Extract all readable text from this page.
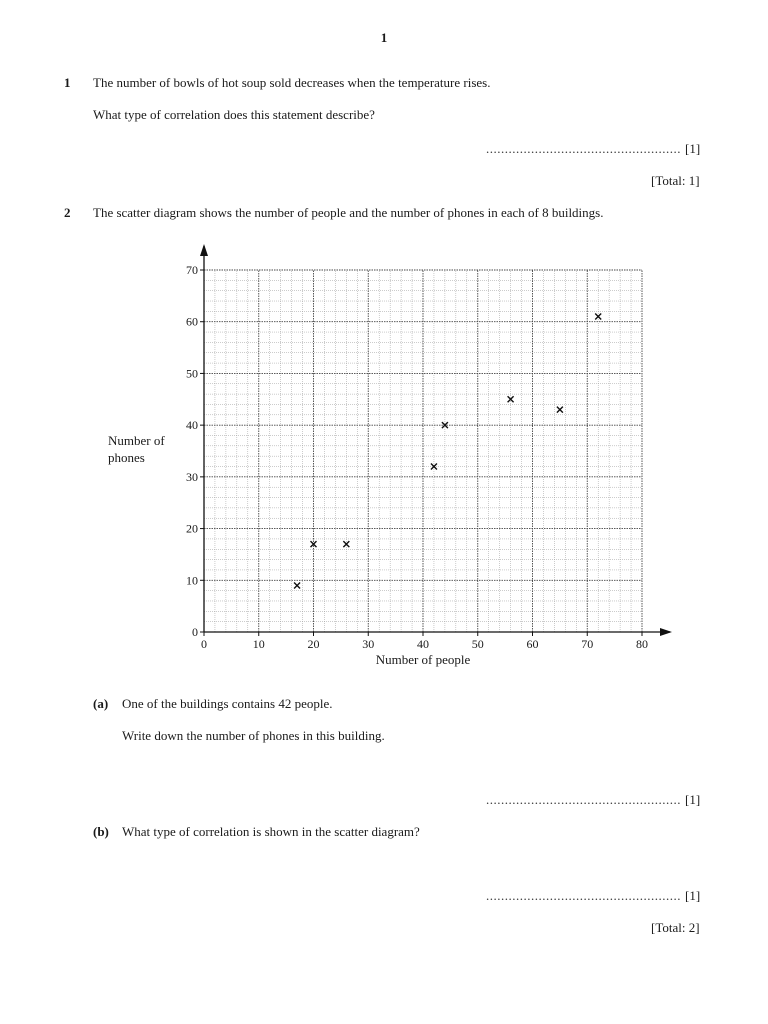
1
1 The number of bowls of hot soup sold decreases when the temperature rises.
What type of correlation does this statement describe?
.................................................... [1]
[Total: 1]
2 The scatter diagram shows the number of people and the number of phones in each of 8 buildings.
0	10	20	30	40	50	60	70	80
0
10
20
30
40
50
60
70
Number of people
Number of
phones
(a) One of the buildings contains 42 people.
Write down the number of phones in this building.
.................................................... [1]
(b) What type of correlation is shown in the scatter diagram?
.................................................... [1]
[Total: 2]
